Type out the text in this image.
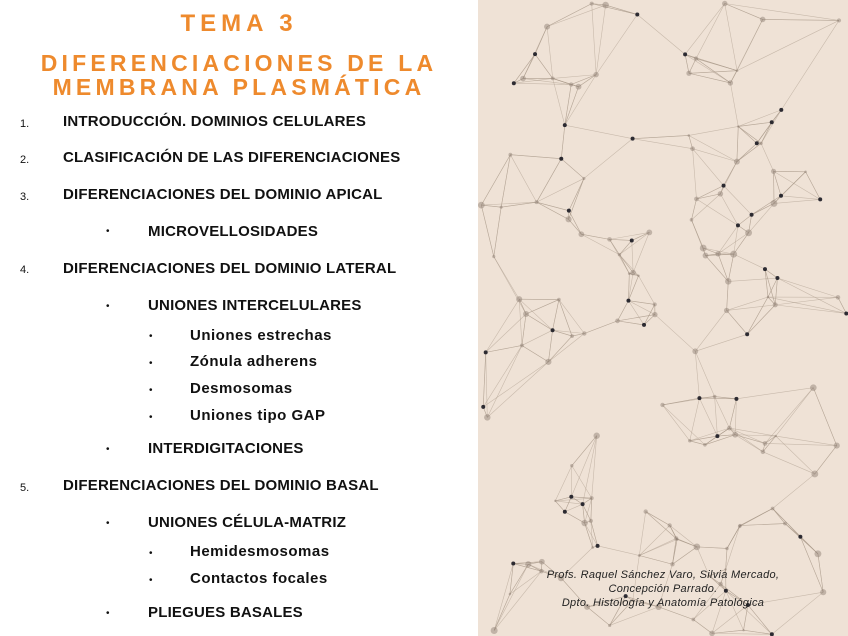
TEMA 3
DIFERENCIACIONES DE LA
MEMBRANA PLASMÁTICA
1. INTRODUCCIÓN. DOMINIOS CELULARES
2. CLASIFICACIÓN DE LAS DIFERENCIACIONES
3. DIFERENCIACIONES DEL DOMINIO APICAL
•	MICROVELLOSIDADES
4. DIFERENCIACIONES DEL DOMINIO LATERAL
•	UNIONES INTERCELULARES
• Uniones estrechas
• Zónula adherens
• Desmosomas
• Uniones tipo GAP
•	INTERDIGITACIONES
5. DIFERENCIACIONES DEL DOMINIO BASAL
•	UNIONES CÉLULA-MATRIZ
• Hemidesmosomas
• Contactos focales
•	PLIEGUES BASALES
Profs. Raquel Sánchez Varo, Silvia Mercado,
Concepción Parrado.
Dpto. Histología y Anatomía Patológica
